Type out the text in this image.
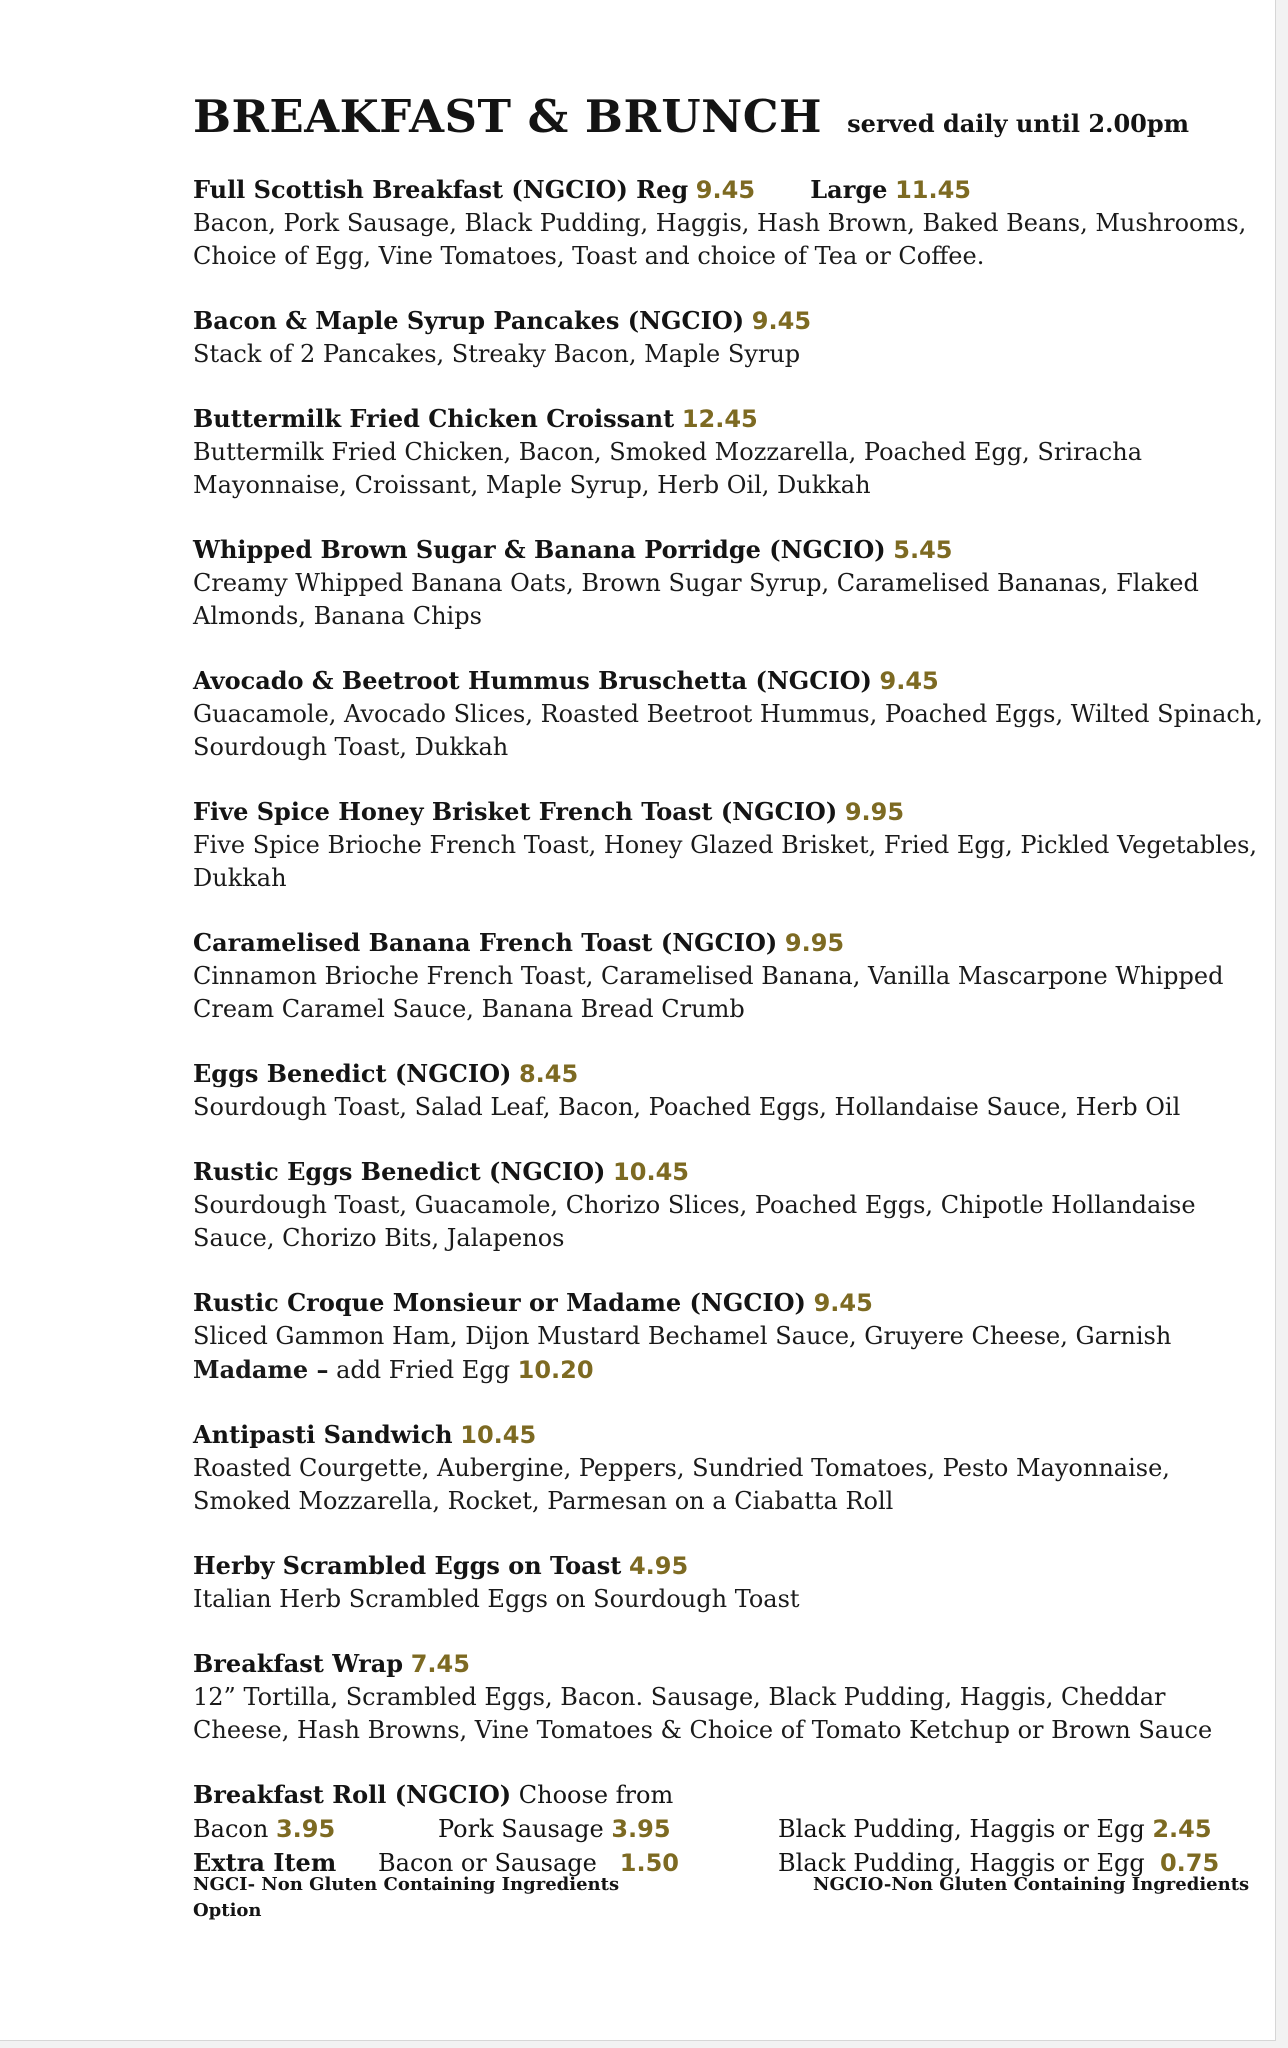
BREAKFAST & BRUNCH served daily until 2.00pm
Full Scottish Breakfast (NGCIO) Reg 9.45 Large 11.45
Bacon, Pork Sausage, Black Pudding, Haggis, Hash Brown, Baked Beans, Mushrooms, Choice of Egg, Vine Tomatoes, Toast and choice of Tea or Coffee.
Bacon & Maple Syrup Pancakes (NGCIO) 9.45
Stack of 2 Pancakes, Streaky Bacon, Maple Syrup
Buttermilk Fried Chicken Croissant 12.45
Buttermilk Fried Chicken, Bacon, Smoked Mozzarella, Poached Egg, Sriracha Mayonnaise, Croissant, Maple Syrup, Herb Oil, Dukkah
Whipped Brown Sugar & Banana Porridge (NGCIO) 5.45
Creamy Whipped Banana Oats, Brown Sugar Syrup, Caramelised Bananas, Flaked Almonds, Banana Chips
Avocado & Beetroot Hummus Bruschetta (NGCIO) 9.45
Guacamole, Avocado Slices, Roasted Beetroot Hummus, Poached Eggs, Wilted Spinach, Sourdough Toast, Dukkah
Five Spice Honey Brisket French Toast (NGCIO) 9.95
Five Spice Brioche French Toast, Honey Glazed Brisket, Fried Egg, Pickled Vegetables, Dukkah
Caramelised Banana French Toast (NGCIO) 9.95
Cinnamon Brioche French Toast, Caramelised Banana, Vanilla Mascarpone Whipped Cream Caramel Sauce, Banana Bread Crumb
Eggs Benedict (NGCIO) 8.45
Sourdough Toast, Salad Leaf, Bacon, Poached Eggs, Hollandaise Sauce, Herb Oil
Rustic Eggs Benedict (NGCIO) 10.45
Sourdough Toast, Guacamole, Chorizo Slices, Poached Eggs, Chipotle Hollandaise Sauce, Chorizo Bits, Jalapenos
Rustic Croque Monsieur or Madame (NGCIO) 9.45
Sliced Gammon Ham, Dijon Mustard Bechamel Sauce, Gruyere Cheese, Garnish
Madame – add Fried Egg 10.20
Antipasti Sandwich 10.45
Roasted Courgette, Aubergine, Peppers, Sundried Tomatoes, Pesto Mayonnaise, Smoked Mozzarella, Rocket, Parmesan on a Ciabatta Roll
Herby Scrambled Eggs on Toast 4.95
Italian Herb Scrambled Eggs on Sourdough Toast
Breakfast Wrap 7.45
12” Tortilla, Scrambled Eggs, Bacon. Sausage, Black Pudding, Haggis, Cheddar Cheese, Hash Browns, Vine Tomatoes & Choice of Tomato Ketchup or Brown Sauce
Breakfast Roll (NGCIO) Choose from
Bacon 3.95	Pork Sausage 3.95	Black Pudding, Haggis or Egg 2.45
Extra Item	Bacon or Sausage 1.50	Black Pudding, Haggis or Egg 0.75
NGCI- Non Gluten Containing Ingredients Option
NGCIO-Non Gluten Containing Ingredients
